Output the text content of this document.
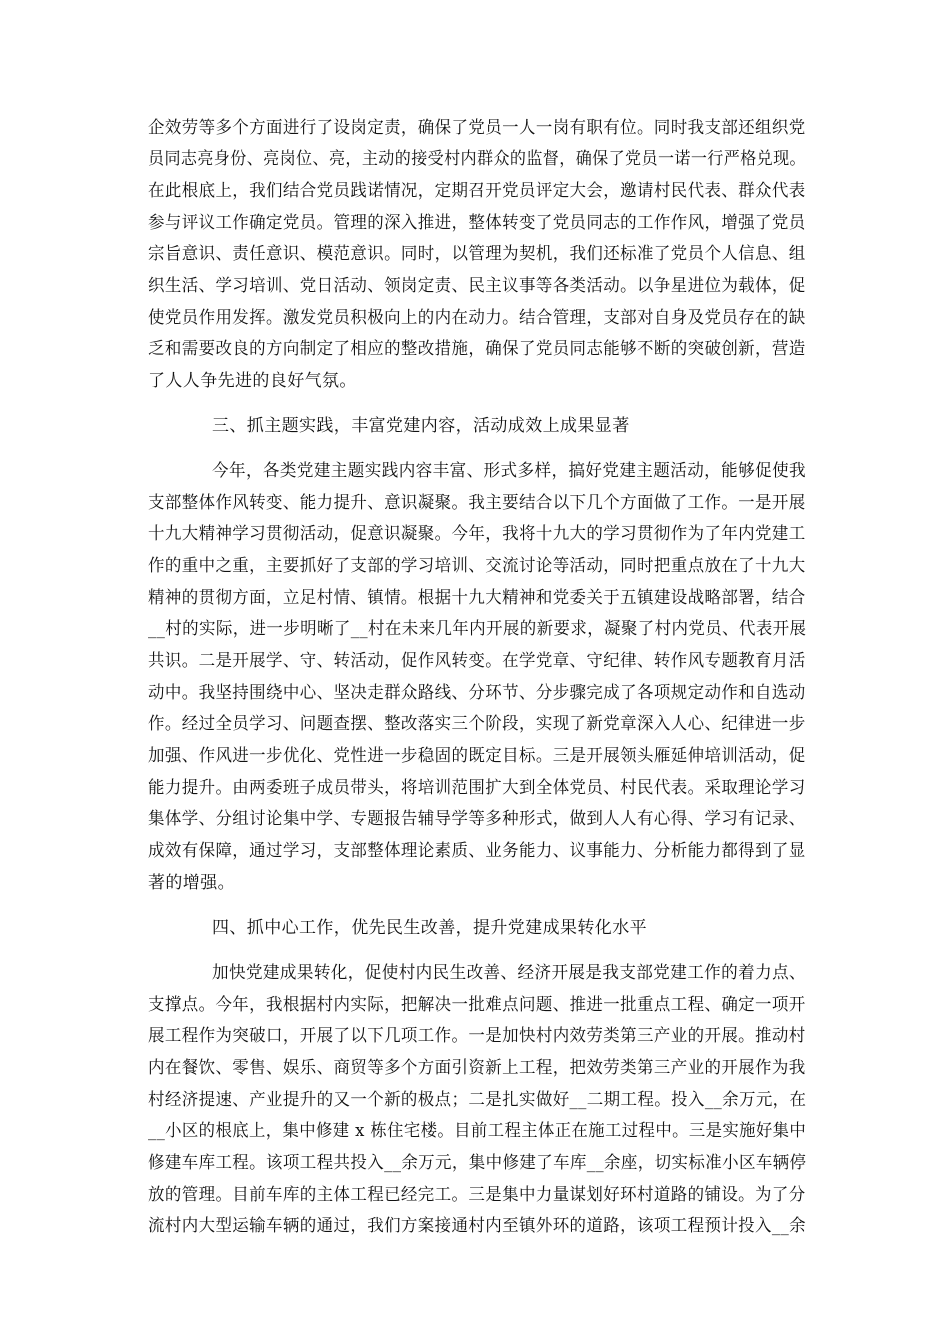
企效劳等多个方面进行了设岗定责，确保了党员一人一岗有职有位。同时我支部还组织党
员同志亮身份、亮岗位、亮，主动的接受村内群众的监督，确保了党员一诺一行严格兑现。
在此根底上，我们结合党员践诺情况，定期召开党员评定大会，邀请村民代表、群众代表
参与评议工作确定党员。管理的深入推进，整体转变了党员同志的工作作风，增强了党员
宗旨意识、责任意识、模范意识。同时，以管理为契机，我们还标准了党员个人信息、组
织生活、学习培训、党日活动、领岗定责、民主议事等各类活动。以争星进位为载体，促
使党员作用发挥。激发党员积极向上的内在动力。结合管理，支部对自身及党员存在的缺
乏和需要改良的方向制定了相应的整改措施，确保了党员同志能够不断的突破创新，营造
了人人争先进的良好气氛。
三、抓主题实践，丰富党建内容，活动成效上成果显著
今年，各类党建主题实践内容丰富、形式多样，搞好党建主题活动，能够促使我
支部整体作风转变、能力提升、意识凝聚。我主要结合以下几个方面做了工作。一是开展
十九大精神学习贯彻活动，促意识凝聚。今年，我将十九大的学习贯彻作为了年内党建工
作的重中之重，主要抓好了支部的学习培训、交流讨论等活动，同时把重点放在了十九大
精神的贯彻方面，立足村情、镇情。根据十九大精神和党委关于五镇建设战略部署，结合
__村的实际，进一步明晰了__村在未来几年内开展的新要求，凝聚了村内党员、代表开展
共识。二是开展学、守、转活动，促作风转变。在学党章、守纪律、转作风专题教育月活
动中。我坚持围绕中心、坚决走群众路线、分环节、分步骤完成了各项规定动作和自选动
作。经过全员学习、问题查摆、整改落实三个阶段，实现了新党章深入人心、纪律进一步
加强、作风进一步优化、党性进一步稳固的既定目标。三是开展领头雁延伸培训活动，促
能力提升。由两委班子成员带头，将培训范围扩大到全体党员、村民代表。采取理论学习
集体学、分组讨论集中学、专题报告辅导学等多种形式，做到人人有心得、学习有记录、
成效有保障，通过学习，支部整体理论素质、业务能力、议事能力、分析能力都得到了显
著的增强。
四、抓中心工作，优先民生改善，提升党建成果转化水平
加快党建成果转化，促使村内民生改善、经济开展是我支部党建工作的着力点、
支撑点。今年，我根据村内实际，把解决一批难点问题、推进一批重点工程、确定一项开
展工程作为突破口，开展了以下几项工作。一是加快村内效劳类第三产业的开展。推动村
内在餐饮、零售、娱乐、商贸等多个方面引资新上工程，把效劳类第三产业的开展作为我
村经济提速、产业提升的又一个新的极点；二是扎实做好__二期工程。投入__余万元，在
__小区的根底上，集中修建 x 栋住宅楼。目前工程主体正在施工过程中。三是实施好集中
修建车库工程。该项工程共投入__余万元，集中修建了车库__余座，切实标准小区车辆停
放的管理。目前车库的主体工程已经完工。三是集中力量谋划好环村道路的铺设。为了分
流村内大型运输车辆的通过，我们方案接通村内至镇外环的道路，该项工程预计投入__余
